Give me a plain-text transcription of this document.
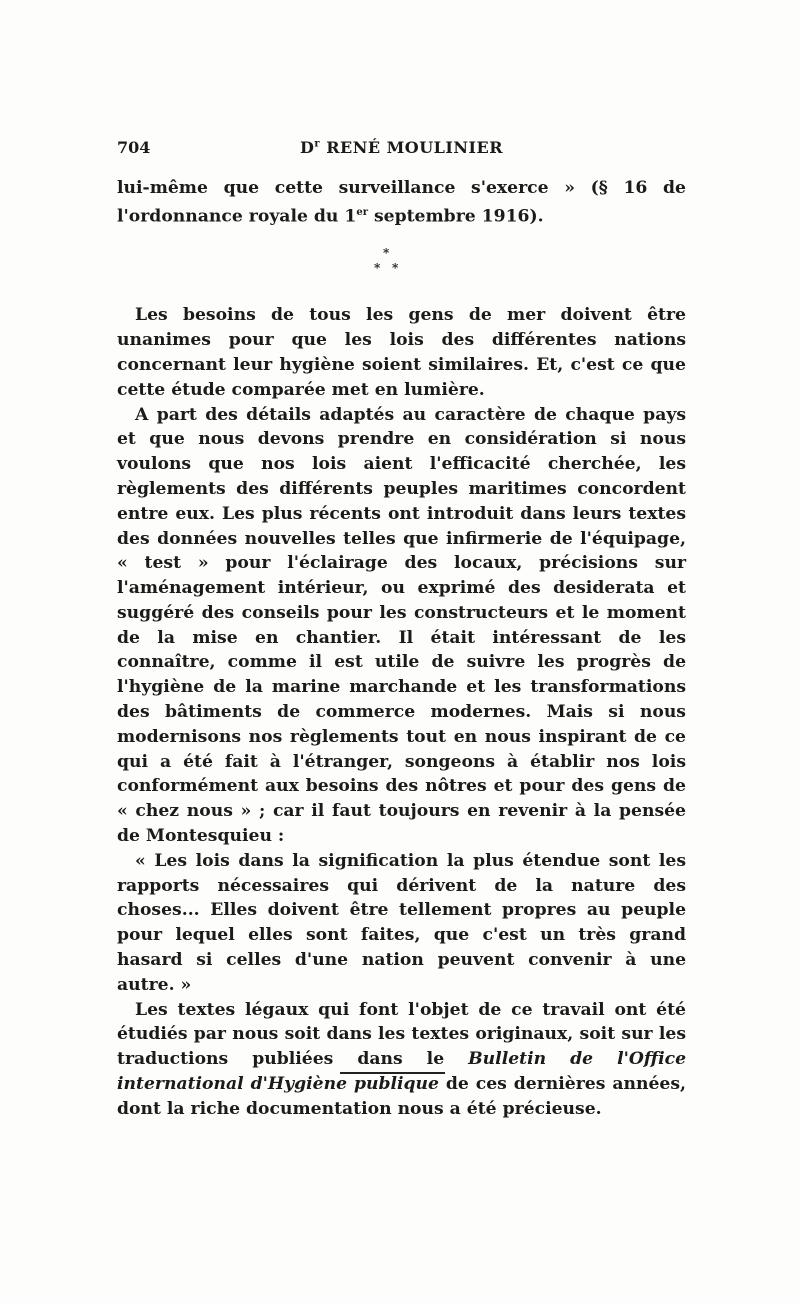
704	$D^r$ RENÉ MOULINIER

lui-même que cette surveillance s'exerce » (§ 16 de l'ordonnance royale du 1er septembre 1916).

*
* *

Les besoins de tous les gens de mer doivent être unanimes pour que les lois des différentes nations concernant leur hygiène soient similaires. Et, c'est ce que cette étude comparée met en lumière.

A part des détails adaptés au caractère de chaque pays et que nous devons prendre en considération si nous voulons que nos lois aient l'efficacité cherchée, les règlements des différents peuples maritimes concordent entre eux. Les plus récents ont introduit dans leurs textes des données nouvelles telles que infirmerie de l'équipage, « test » pour l'éclairage des locaux, précisions sur l'aménagement intérieur, ou exprimé des desiderata et suggéré des conseils pour les constructeurs et le moment de la mise en chantier. Il était intéressant de les connaître, comme il est utile de suivre les progrès de l'hygiène de la marine marchande et les transformations des bâtiments de commerce modernes. Mais si nous modernisons nos règlements tout en nous inspirant de ce qui a été fait à l'étranger, songeons à établir nos lois conformément aux besoins des nôtres et pour des gens de « chez nous » ; car il faut toujours en revenir à la pensée de Montesquieu :

« Les lois dans la signification la plus étendue sont les rapports nécessaires qui dérivent de la nature des choses... Elles doivent être tellement propres au peuple pour lequel elles sont faites, que c'est un très grand hasard si celles d'une nation peuvent convenir à une autre. »

Les textes légaux qui font l'objet de ce travail ont été étudiés par nous soit dans les textes originaux, soit sur les traductions publiées dans le Bulletin de l'Office international d'Hygiène publique de ces dernières années, dont la riche documentation nous a été précieuse.
